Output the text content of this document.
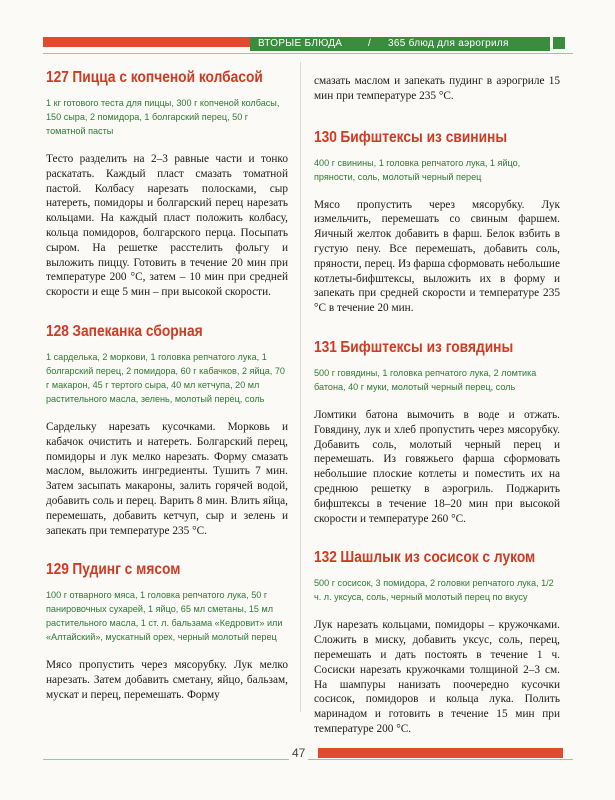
ВТОРЫЕ БЛЮДА	/ 365 блюд для аэрогриля
127 Пицца с копченой колбасой

1 кг готового теста для пиццы, 300 г копченой колбасы, 150 сыра, 2 помидора, 1 болгарский перец, 50 г томатной пасты

Тесто разделить на 2–3 равные части и тонко раскатать. Каждый пласт смазать томатной пастой. Колбасу нарезать полосками, сыр натереть, помидоры и болгарский перец нарезать кольцами. На каждый пласт положить колбасу, кольца помидоров, болгарского перца. Посыпать сыром. На решетке расстелить фольгу и выложить пиццу. Готовить в течение 20 мин при температуре 200 °С, затем – 10 мин при средней скорости и еще 5 мин – при высокой скорости.

128 Запеканка сборная

1 сарделька, 2 моркови, 1 головка репчатого лука, 1 болгарский перец, 2 помидора, 60 г кабачков, 2 яйца, 70 г макарон, 45 г тертого сыра, 40 мл кетчупа, 20 мл растительного масла, зелень, молотый перец, соль

Сардельку нарезать кусочками. Морковь и кабачок очистить и натереть. Болгарский перец, помидоры и лук мелко нарезать. Форму смазать маслом, выложить ингредиенты. Тушить 7 мин. Затем засыпать макароны, залить горячей водой, добавить соль и перец. Варить 8 мин. Влить яйца, перемешать, добавить кетчуп, сыр и зелень и запекать при температуре 235 °С.

129 Пудинг с мясом

100 г отварного мяса, 1 головка репчатого лука, 50 г панировочных сухарей, 1 яйцо, 65 мл сметаны, 15 мл растительного масла, 1 ст. л. бальзама «Кедровит» или «Алтайский», мускатный орех, черный молотый перец

Мясо пропустить через мясорубку. Лук мелко нарезать. Затем добавить сметану, яйцо, бальзам, мускат и перец, перемешать. Форму

смазать маслом и запекать пудинг в аэрогриле 15 мин при температуре 235 °С.

130 Бифштексы из свинины

400 г свинины, 1 головка репчатого лука, 1 яйцо, пряности, соль, молотый черный перец

Мясо пропустить через мясорубку. Лук измельчить, перемешать со свиным фаршем. Яичный желток добавить в фарш. Белок взбить в густую пену. Все перемешать, добавить соль, пряности, перец. Из фарша сформовать небольшие котлеты-бифштексы, выложить их в форму и запекать при средней скорости и температуре 235 °С в течение 20 мин.

131 Бифштексы из говядины

500 г говядины, 1 головка репчатого лука, 2 ломтика батона, 40 г муки, молотый черный перец, соль

Ломтики батона вымочить в воде и отжать. Говядину, лук и хлеб пропустить через мясорубку. Добавить соль, молотый черный перец и перемешать. Из говяжьего фарша сформовать небольшие плоские котлеты и поместить их на среднюю решетку в аэрогриль. Поджарить бифштексы в течение 18–20 мин при высокой скорости и температуре 260 °С.

132 Шашлык из сосисок с луком

500 г сосисок, 3 помидора, 2 головки репчатого лука, 1/2 ч. л. уксуса, соль, черный молотый перец по вкусу

Лук нарезать кольцами, помидоры – кружочками. Сложить в миску, добавить уксус, соль, перец, перемешать и дать постоять в течение 1 ч. Сосиски нарезать кружочками толщиной 2–3 см. На шампуры нанизать поочередно кусочки сосисок, помидоров и кольца лука. Полить маринадом и готовить в течение 15 мин при температуре 200 °С.

47
